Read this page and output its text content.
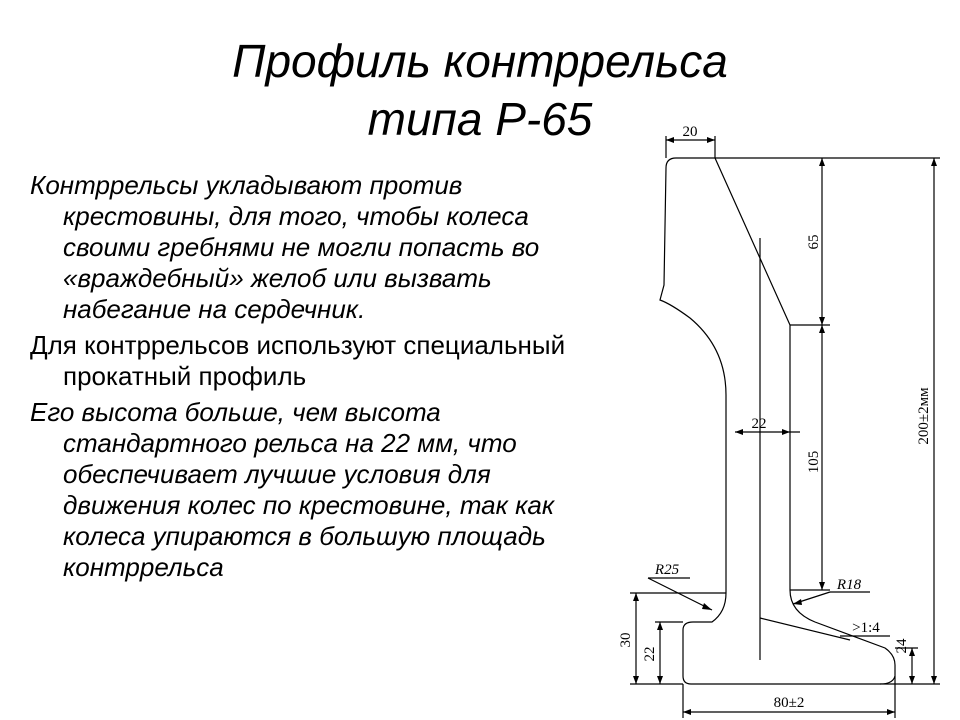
Профиль контррельса
типа Р-65

Контррельсы укладывают против крестовины, для того, чтобы колеса своими гребнями не могли попасть во «враждебный» желоб или вызвать набегание на сердечник.

Для контррельсов используют специальный прокатный профиль

Его высота больше, чем высота стандартного рельса на 22 мм, что обеспечивает лучшие условия для движения колес по крестовине, так как колеса упираются в большую площадь контррельса

20
65
105
200±2мм
22
R25
R18
>1:4
30
22
24
80±2
